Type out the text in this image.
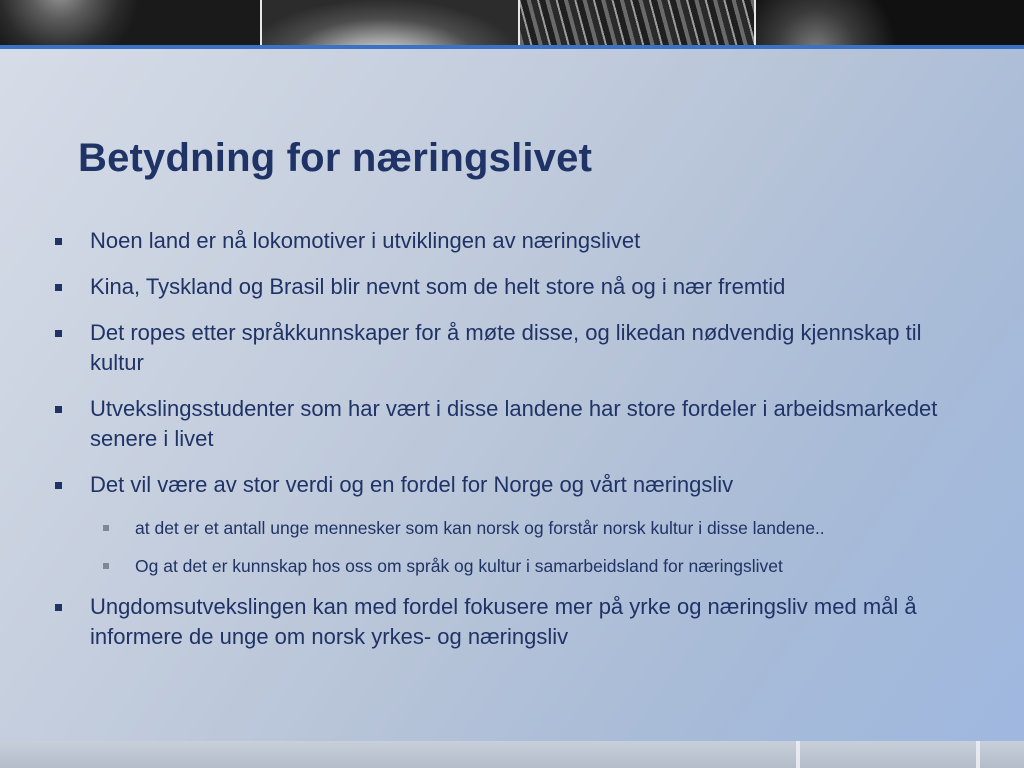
Betydning for næringslivet
Noen land er nå lokomotiver i utviklingen av næringslivet
Kina, Tyskland og Brasil blir nevnt som de helt store nå og i nær fremtid
Det ropes etter språkkunnskaper for å møte disse, og likedan nødvendig kjennskap til kultur
Utvekslingsstudenter som har vært i disse landene har store fordeler i arbeidsmarkedet senere i livet
Det vil være av stor verdi og en fordel for Norge og vårt næringsliv
at det er et antall unge mennesker som kan norsk og forstår norsk kultur i disse landene..
Og at det er kunnskap hos oss om språk og kultur i samarbeidsland for næringslivet
Ungdomsutvekslingen kan med fordel fokusere mer på yrke og næringsliv med mål å informere de unge om norsk yrkes- og næringsliv
